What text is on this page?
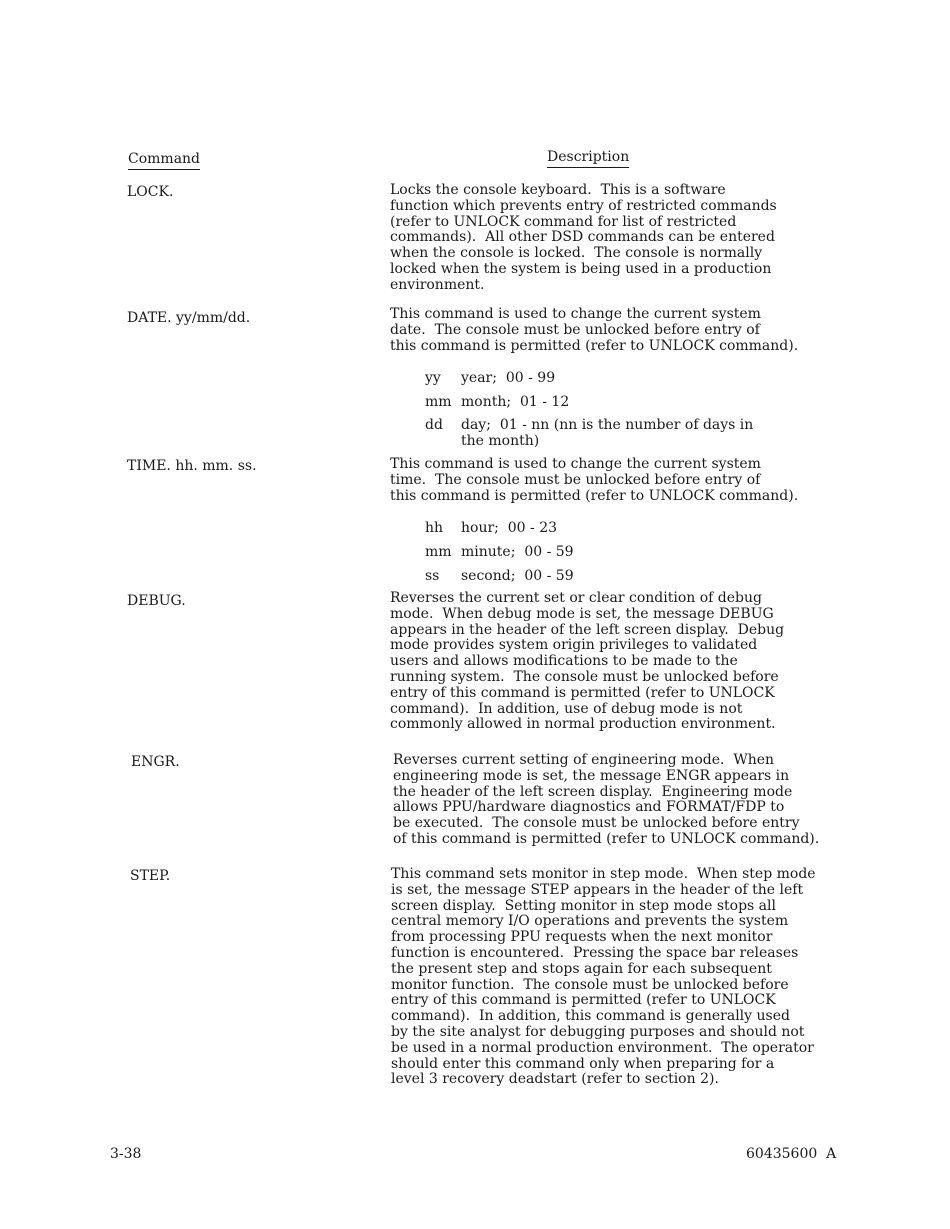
Command	Description
LOCK.	Locks the console keyboard.  This is a software
function which prevents entry of restricted commands
(refer to UNLOCK command for list of restricted
commands).  All other DSD commands can be entered
when the console is locked.  The console is normally
locked when the system is being used in a production
environment.
DATE. yy/mm/dd.	This command is used to change the current system
date.  The console must be unlocked before entry of
this command is permitted (refer to UNLOCK command).
yy year;  00 - 99
mm month;  01 - 12
dd day;  01 - nn (nn is the number of days in
the month)
TIME. hh. mm. ss.	This command is used to change the current system
time.  The console must be unlocked before entry of
this command is permitted (refer to UNLOCK command).
hh hour;  00 - 23
mm minute;  00 - 59
ss second;  00 - 59
DEBUG.	Reverses the current set or clear condition of debug
mode.  When debug mode is set, the message DEBUG
appears in the header of the left screen display.  Debug
mode provides system origin privileges to validated
users and allows modifications to be made to the
running system.  The console must be unlocked before
entry of this command is permitted (refer to UNLOCK
command).  In addition, use of debug mode is not
commonly allowed in normal production environment.
ENGR.	Reverses current setting of engineering mode.  When
engineering mode is set, the message ENGR appears in
the header of the left screen display.  Engineering mode
allows PPU/hardware diagnostics and FORMAT/FDP to
be executed.  The console must be unlocked before entry
of this command is permitted (refer to UNLOCK command).
STEP.	This command sets monitor in step mode.  When step mode
is set, the message STEP appears in the header of the left
screen display.  Setting monitor in step mode stops all
central memory I/O operations and prevents the system
from processing PPU requests when the next monitor
function is encountered.  Pressing the space bar releases
the present step and stops again for each subsequent
monitor function.  The console must be unlocked before
entry of this command is permitted (refer to UNLOCK
command).  In addition, this command is generally used
by the site analyst for debugging purposes and should not
be used in a normal production environment.  The operator
should enter this command only when preparing for a
level 3 recovery deadstart (refer to section 2).
3-38	60435600  A
